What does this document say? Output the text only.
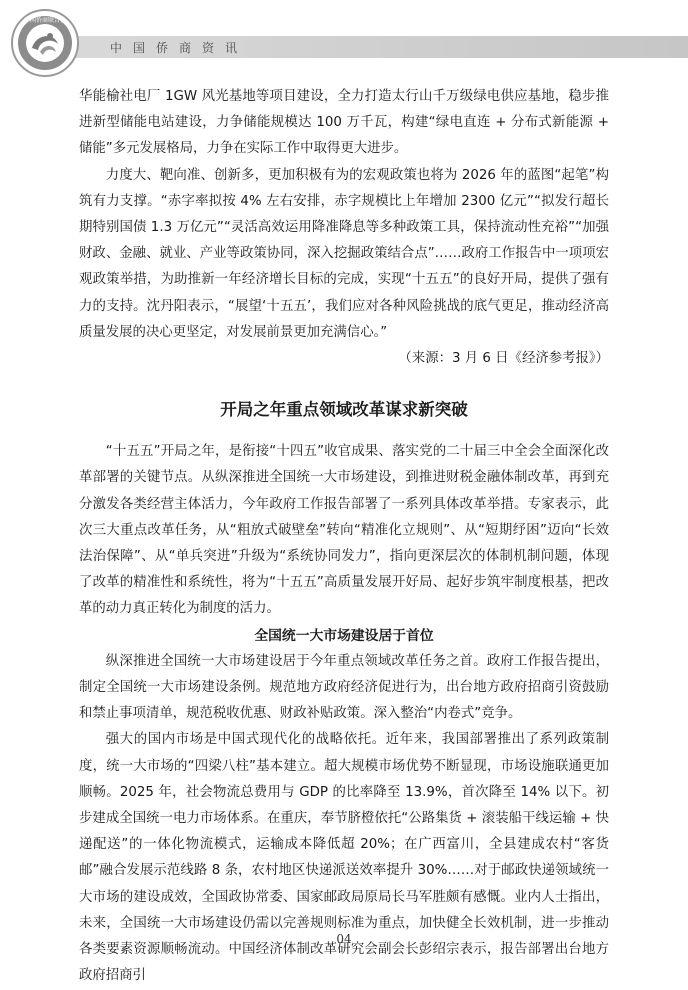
中国侨商资讯
中国侨商联合会

华能榆社电厂 1GW 风光基地等项目建设，全力打造太行山千万级绿电供应基地，稳步推进新型储能电站建设，力争储能规模达 100 万千瓦，构建“绿电直连 + 分布式新能源 + 储能”多元发展格局，力争在实际工作中取得更大进步。

力度大、靶向准、创新多，更加积极有为的宏观政策也将为 2026 年的蓝图“起笔”构筑有力支撑。“赤字率拟按 4% 左右安排，赤字规模比上年增加 2300 亿元”“拟发行超长期特别国债 1.3 万亿元”“灵活高效运用降准降息等多种政策工具，保持流动性充裕”“加强财政、金融、就业、产业等政策协同，深入挖掘政策结合点”……政府工作报告中一项项宏观政策举措，为助推新一年经济增长目标的完成，实现“十五五”的良好开局，提供了强有力的支持。沈丹阳表示，“展望‘十五五’，我们应对各种风险挑战的底气更足，推动经济高质量发展的决心更坚定，对发展前景更加充满信心。”
（来源：3 月 6 日《经济参考报》）

开局之年重点领域改革谋求新突破

“十五五”开局之年，是衔接“十四五”收官成果、落实党的二十届三中全会全面深化改革部署的关键节点。从纵深推进全国统一大市场建设，到推进财税金融体制改革，再到充分激发各类经营主体活力，今年政府工作报告部署了一系列具体改革举措。专家表示，此次三大重点改革任务，从“粗放式破壁垒”转向“精准化立规则”、从“短期纾困”迈向“长效法治保障”、从“单兵突进”升级为“系统协同发力”，指向更深层次的体制机制问题，体现了改革的精准性和系统性，将为“十五五”高质量发展开好局、起好步筑牢制度根基，把改革的动力真正转化为制度的活力。

全国统一大市场建设居于首位

纵深推进全国统一大市场建设居于今年重点领域改革任务之首。政府工作报告提出，制定全国统一大市场建设条例。规范地方政府经济促进行为，出台地方政府招商引资鼓励和禁止事项清单，规范税收优惠、财政补贴政策。深入整治“内卷式”竞争。

强大的国内市场是中国式现代化的战略依托。近年来，我国部署推出了系列政策制度，统一大市场的“四梁八柱”基本建立。超大规模市场优势不断显现，市场设施联通更加顺畅。2025 年，社会物流总费用与 GDP 的比率降至 13.9%，首次降至 14% 以下。初步建成全国统一电力市场体系。在重庆，奉节脐橙依托“公路集货 + 滚装船干线运输 + 快递配送”的一体化物流模式，运输成本降低超 20%；在广西富川，全县建成农村“客货邮”融合发展示范线路 8 条，农村地区快递派送效率提升 30%……对于邮政快递领域统一大市场的建设成效，全国政协常委、国家邮政局原局长马军胜颇有感慨。业内人士指出，未来，全国统一大市场建设仍需以完善规则标准为重点，加快健全长效机制，进一步推动各类要素资源顺畅流动。中国经济体制改革研究会副会长彭绍宗表示，报告部署出台地方政府招商引

04
